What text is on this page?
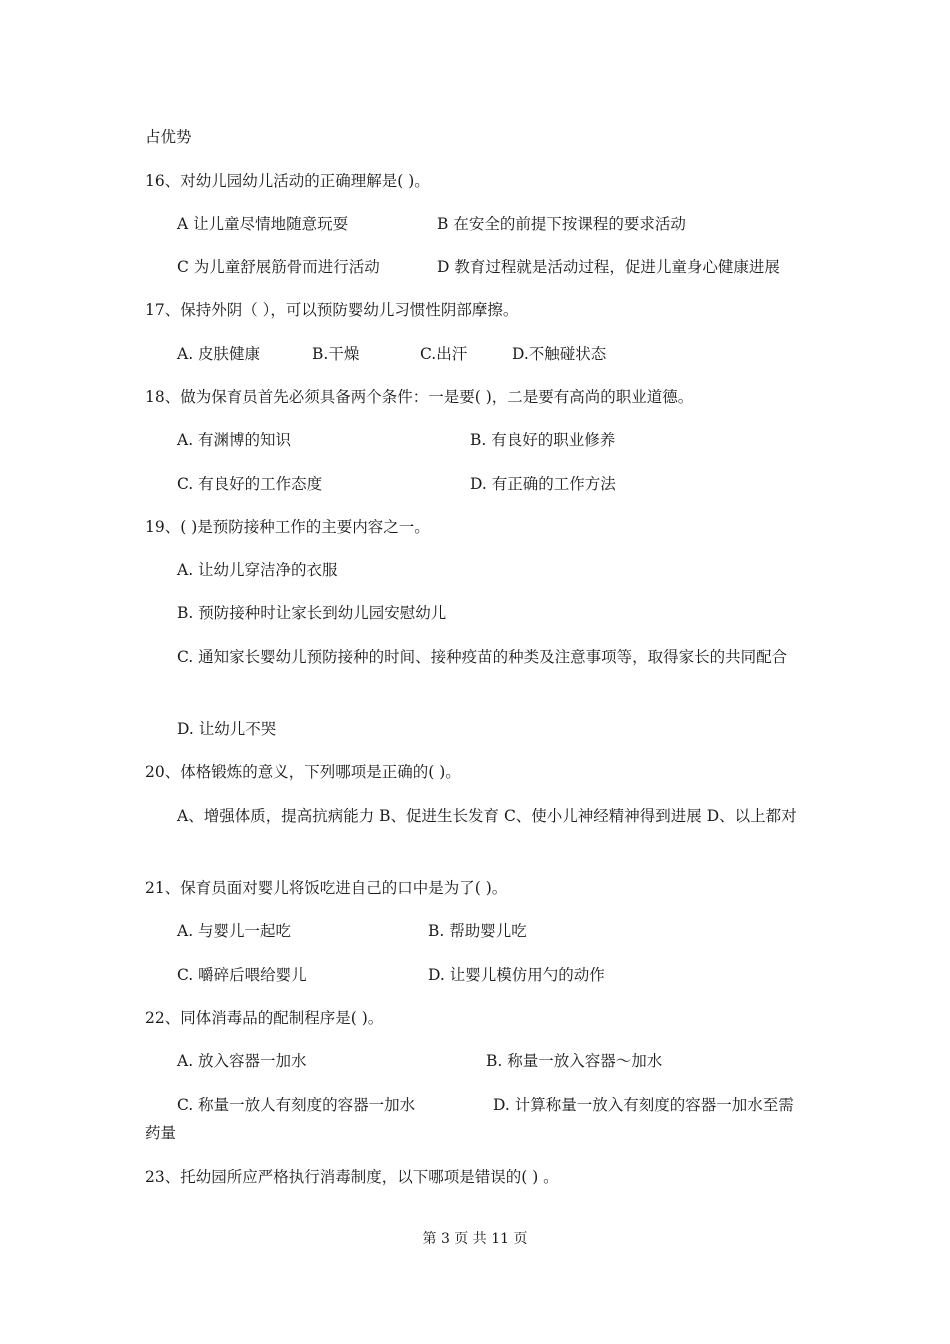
占优势
16、对幼儿园幼儿活动的正确理解是( )。
A 让儿童尽情地随意玩耍	B 在安全的前提下按课程的要求活动
C 为儿童舒展筋骨而进行活动	D 教育过程就是活动过程，促进儿童身心健康进展
17、保持外阴（ ），可以预防婴幼儿习惯性阴部摩擦。
A. 皮肤健康	B.干燥	C.出汗	D.不触碰状态
18、做为保育员首先必须具备两个条件：一是要( )，二是要有高尚的职业道德。
A. 有渊博的知识	B. 有良好的职业修养
C. 有良好的工作态度	D. 有正确的工作方法
19、( )是预防接种工作的主要内容之一。
A. 让幼儿穿洁净的衣服
B. 预防接种时让家长到幼儿园安慰幼儿
C. 通知家长婴幼儿预防接种的时间、接种疫苗的种类及注意事项等，取得家长的共同配合
D. 让幼儿不哭
20、体格锻炼的意义，下列哪项是正确的( )。
A、增强体质，提高抗病能力 B、促进生长发育 C、使小儿神经精神得到进展 D、以上都对
21、保育员面对婴儿将饭吃进自己的口中是为了( )。
A. 与婴儿一起吃	B. 帮助婴儿吃
C. 嚼碎后喂给婴儿	D. 让婴儿模仿用勺的动作
22、同体消毒品的配制程序是( )。
A. 放入容器一加水	B. 称量一放入容器～加水
C. 称量一放人有刻度的容器一加水	D. 计算称量一放入有刻度的容器一加水至需药量
23、托幼园所应严格执行消毒制度，以下哪项是错误的( ) 。
第 3 页 共 11 页
